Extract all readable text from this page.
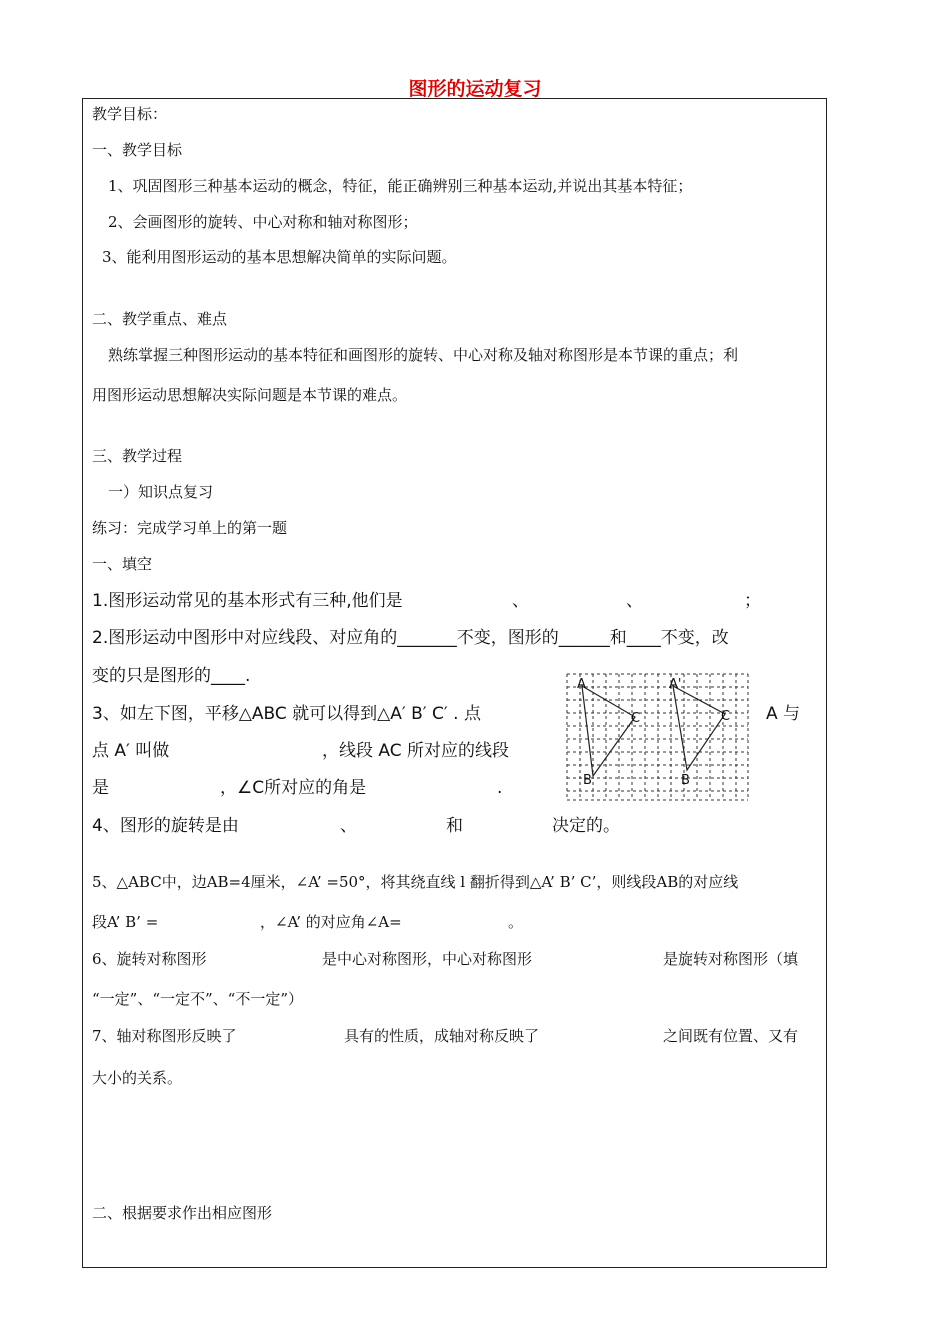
图形的运动复习
教学目标：
一、教学目标
1、巩固图形三种基本运动的概念，特征，能正确辨别三种基本运动,并说出其基本特征；
2、会画图形的旋转、中心对称和轴对称图形；
3、能利用图形运动的基本思想解决简单的实际问题。
二、教学重点、难点
熟练掌握三种图形运动的基本特征和画图形的旋转、中心对称及轴对称图形是本节课的重点；利
用图形运动思想解决实际问题是本节课的难点。
三、教学过程
一）知识点复习
练习：完成学习单上的第一题
一、填空
1.图形运动常见的基本形式有三种,他们是	、	、	；
2.图形运动中图形中对应线段、对应角的_______不变，图形的______和____不变，改
变的只是图形的____.
3、如左下图，平移△ABC 就可以得到△A′ B′ C′ . 点	A 与
点 A′ 叫做	，线段 AC 所对应的线段
是	，∠C所对应的角是	.
A
B
C
A'
B
C
4、图形的旋转是由	、	和	决定的。
5、△ABC中，边AB=4厘米，∠A’ =50°，将其绕直线 l 翻折得到△A’ B’ C’，则线段AB的对应线
段A’ B’ =	，∠A’ 的对应角∠A=	。
6、旋转对称图形	是中心对称图形，中心对称图形	是旋转对称图形（填
“一定”、“一定不”、“不一定”）
7、轴对称图形反映了	具有的性质，成轴对称反映了	之间既有位置、又有
大小的关系。
二、根据要求作出相应图形
